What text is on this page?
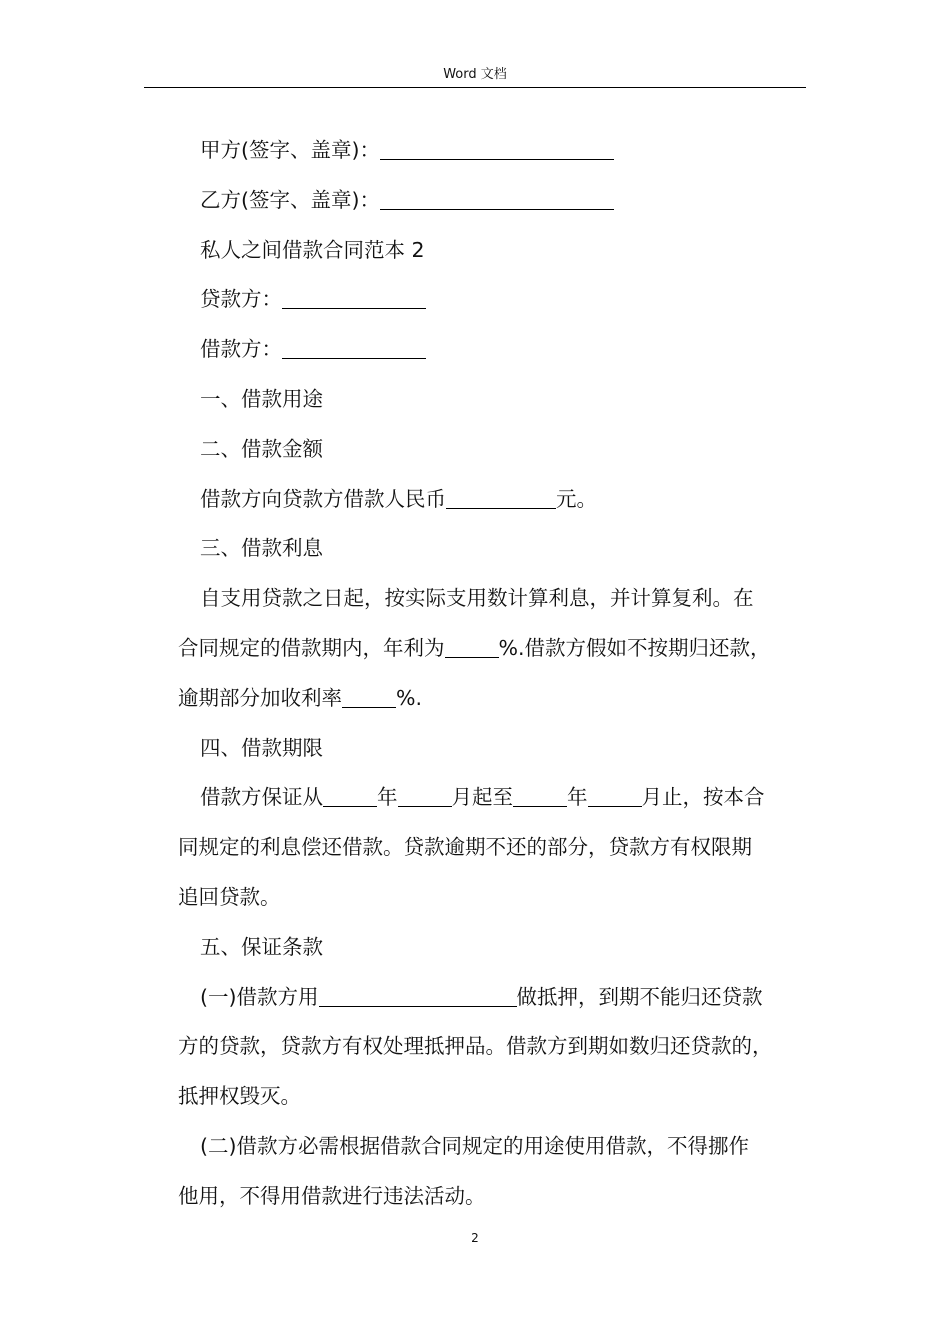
Word 文档

甲方(签字、盖章)：

乙方(签字、盖章)：

私人之间借款合同范本 2

贷款方：

借款方：

一、借款用途

二、借款金额

借款方向贷款方借款人民币	元。

三、借款利息

自支用贷款之日起，按实际支用数计算利息，并计算复利。在

合同规定的借款期内，年利为	%.借款方假如不按期归还款，

逾期部分加收利率	%.

四、借款期限

借款方保证从	年	月起至	年	月止，按本合

同规定的利息偿还借款。贷款逾期不还的部分，贷款方有权限期

追回贷款。

五、保证条款

(一)借款方用	做抵押，到期不能归还贷款

方的贷款，贷款方有权处理抵押品。借款方到期如数归还贷款的，

抵押权毁灭。

(二)借款方必需根据借款合同规定的用途使用借款，不得挪作

他用，不得用借款进行违法活动。

2
